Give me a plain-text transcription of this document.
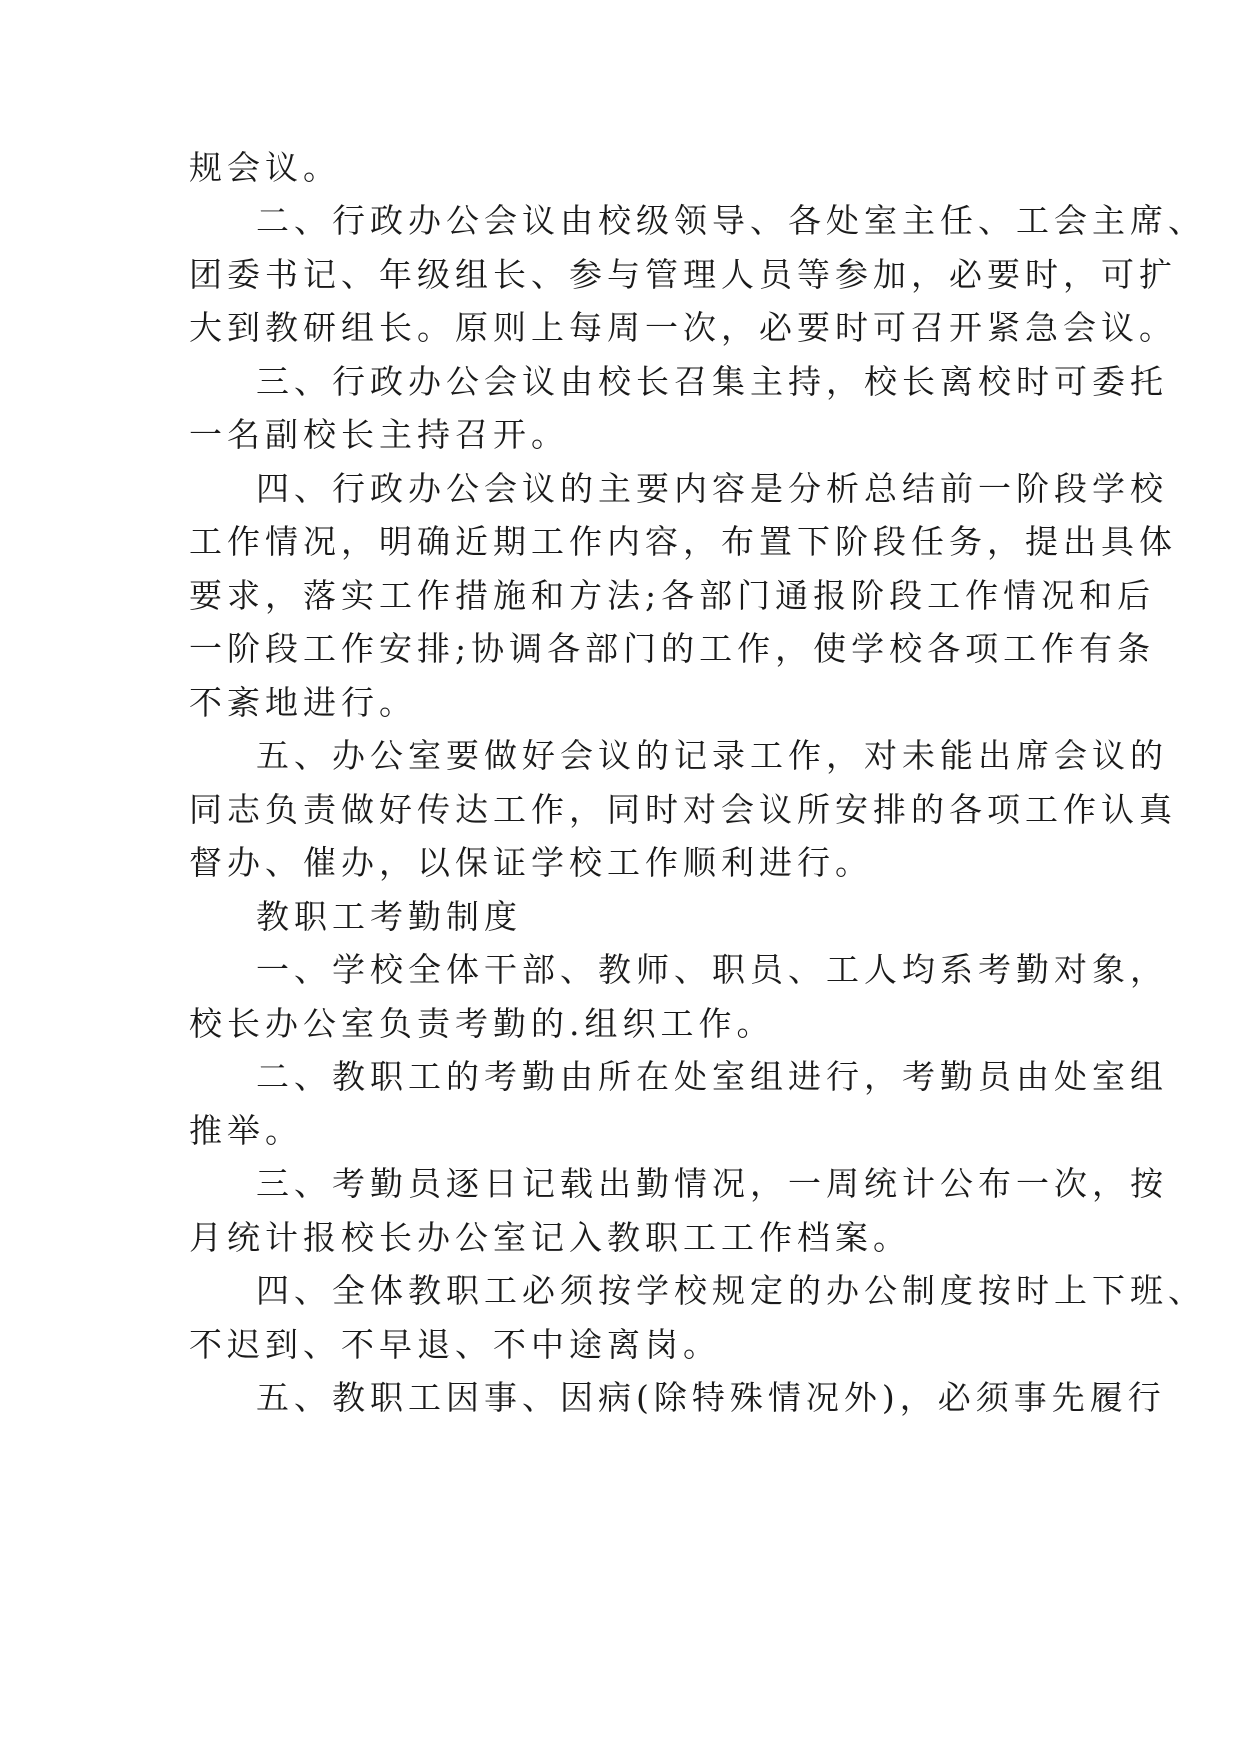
规会议。

二、行政办公会议由校级领导、各处室主任、工会主席、

团委书记、年级组长、参与管理人员等参加，必要时，可扩

大到教研组长。原则上每周一次，必要时可召开紧急会议。

三、行政办公会议由校长召集主持，校长离校时可委托

一名副校长主持召开。

四、行政办公会议的主要内容是分析总结前一阶段学校

工作情况，明确近期工作内容，布置下阶段任务，提出具体

要求，落实工作措施和方法;各部门通报阶段工作情况和后

一阶段工作安排;协调各部门的工作，使学校各项工作有条

不紊地进行。

五、办公室要做好会议的记录工作，对未能出席会议的

同志负责做好传达工作，同时对会议所安排的各项工作认真

督办、催办，以保证学校工作顺利进行。

教职工考勤制度

一、学校全体干部、教师、职员、工人均系考勤对象，

校长办公室负责考勤的.组织工作。

二、教职工的考勤由所在处室组进行，考勤员由处室组

推举。

三、考勤员逐日记载出勤情况，一周统计公布一次，按

月统计报校长办公室记入教职工工作档案。

四、全体教职工必须按学校规定的办公制度按时上下班、

不迟到、不早退、不中途离岗。

五、教职工因事、因病(除特殊情况外)，必须事先履行
